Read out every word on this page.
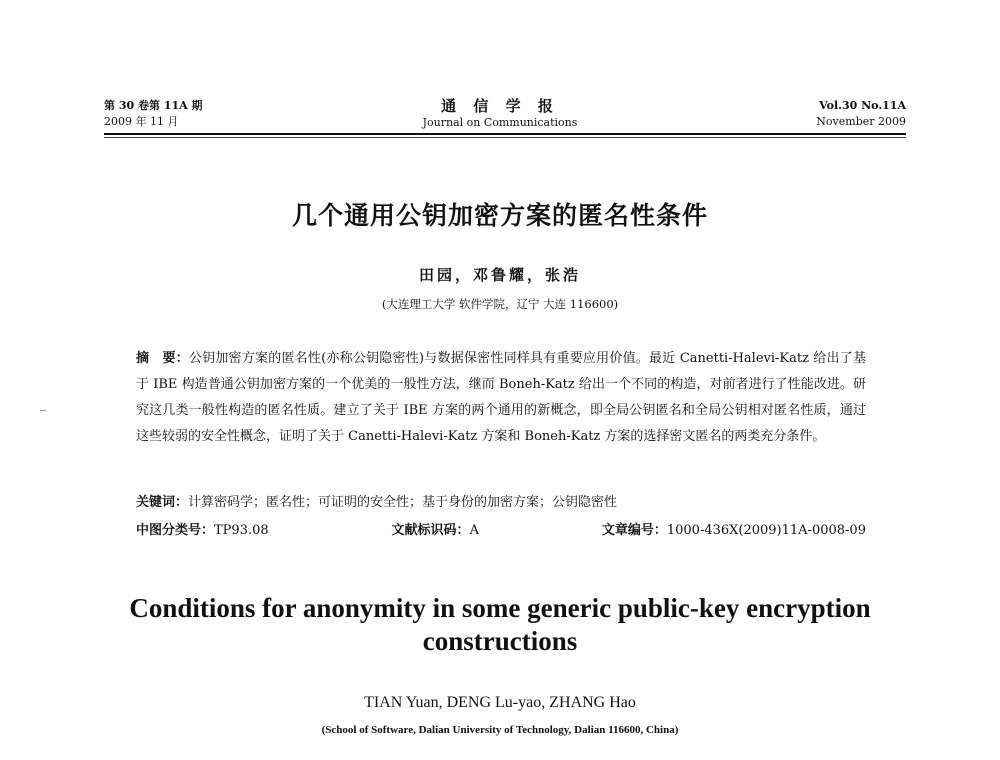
第 30 卷第 11A 期
2009 年 11 月
通 信 学 报
Journal on Communications
Vol.30 No.11A
November 2009
几个通用公钥加密方案的匿名性条件
田园，邓鲁耀，张浩
(大连理工大学 软件学院，辽宁 大连 116600)
摘　要：公钥加密方案的匿名性(亦称公钥隐密性)与数据保密性同样具有重要应用价值。最近 Canetti-Halevi-Katz 给出了基于 IBE 构造普通公钥加密方案的一个优美的一般性方法，继而 Boneh-Katz 给出一个不同的构造，对前者进行了性能改进。研究这几类一般性构造的匿名性质。建立了关于 IBE 方案的两个通用的新概念，即全局公钥匿名和全局公钥相对匿名性质，通过这些较弱的安全性概念，证明了关于 Canetti-Halevi-Katz 方案和 Boneh-Katz 方案的选择密文匿名的两类充分条件。
关键词：计算密码学；匿名性；可证明的安全性；基于身份的加密方案；公钥隐密性
中图分类号：TP93.08	文献标识码：A	文章编号：1000-436X(2009)11A-0008-09
Conditions for anonymity in some generic public-key encryption constructions
TIAN Yuan, DENG Lu-yao, ZHANG Hao
(School of Software, Dalian University of Technology, Dalian 116600, China)
